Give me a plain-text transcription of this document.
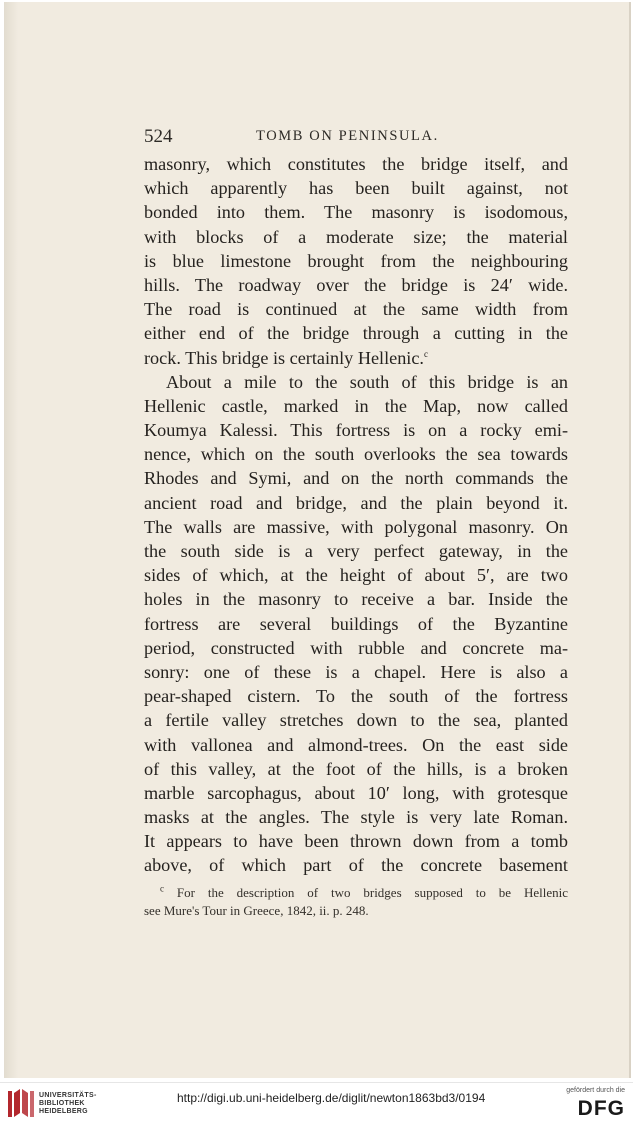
524	TOMB ON PENINSULA.
masonry, which constitutes the bridge itself, and
which apparently has been built against, not
bonded into them. The masonry is isodomous,
with blocks of a moderate size; the material
is blue limestone brought from the neighbouring
hills. The roadway over the bridge is 24′ wide.
The road is continued at the same width from
either end of the bridge through a cutting in the
rock. This bridge is certainly Hellenic.$^c$
About a mile to the south of this bridge is an
Hellenic castle, marked in the Map, now called
Koumya Kalessi. This fortress is on a rocky emi-
nence, which on the south overlooks the sea towards
Rhodes and Symi, and on the north commands the
ancient road and bridge, and the plain beyond it.
The walls are massive, with polygonal masonry. On
the south side is a very perfect gateway, in the
sides of which, at the height of about 5′, are two
holes in the masonry to receive a bar. Inside the
fortress are several buildings of the Byzantine
period, constructed with rubble and concrete ma-
sonry: one of these is a chapel. Here is also a
pear-shaped cistern. To the south of the fortress
a fertile valley stretches down to the sea, planted
with vallonea and almond-trees. On the east side
of this valley, at the foot of the hills, is a broken
marble sarcophagus, about 10′ long, with grotesque
masks at the angles. The style is very late Roman.
It appears to have been thrown down from a tomb
above, of which part of the concrete basement
$^c$ For the description of two bridges supposed to be Hellenic
see Mure's Tour in Greece, 1842, ii. p. 248.
UNIVERSITÄTS-
BIBLIOTHEK
HEIDELBERG
http://digi.ub.uni-heidelberg.de/diglit/newton1863bd3/0194
gefördert durch die
DFG
